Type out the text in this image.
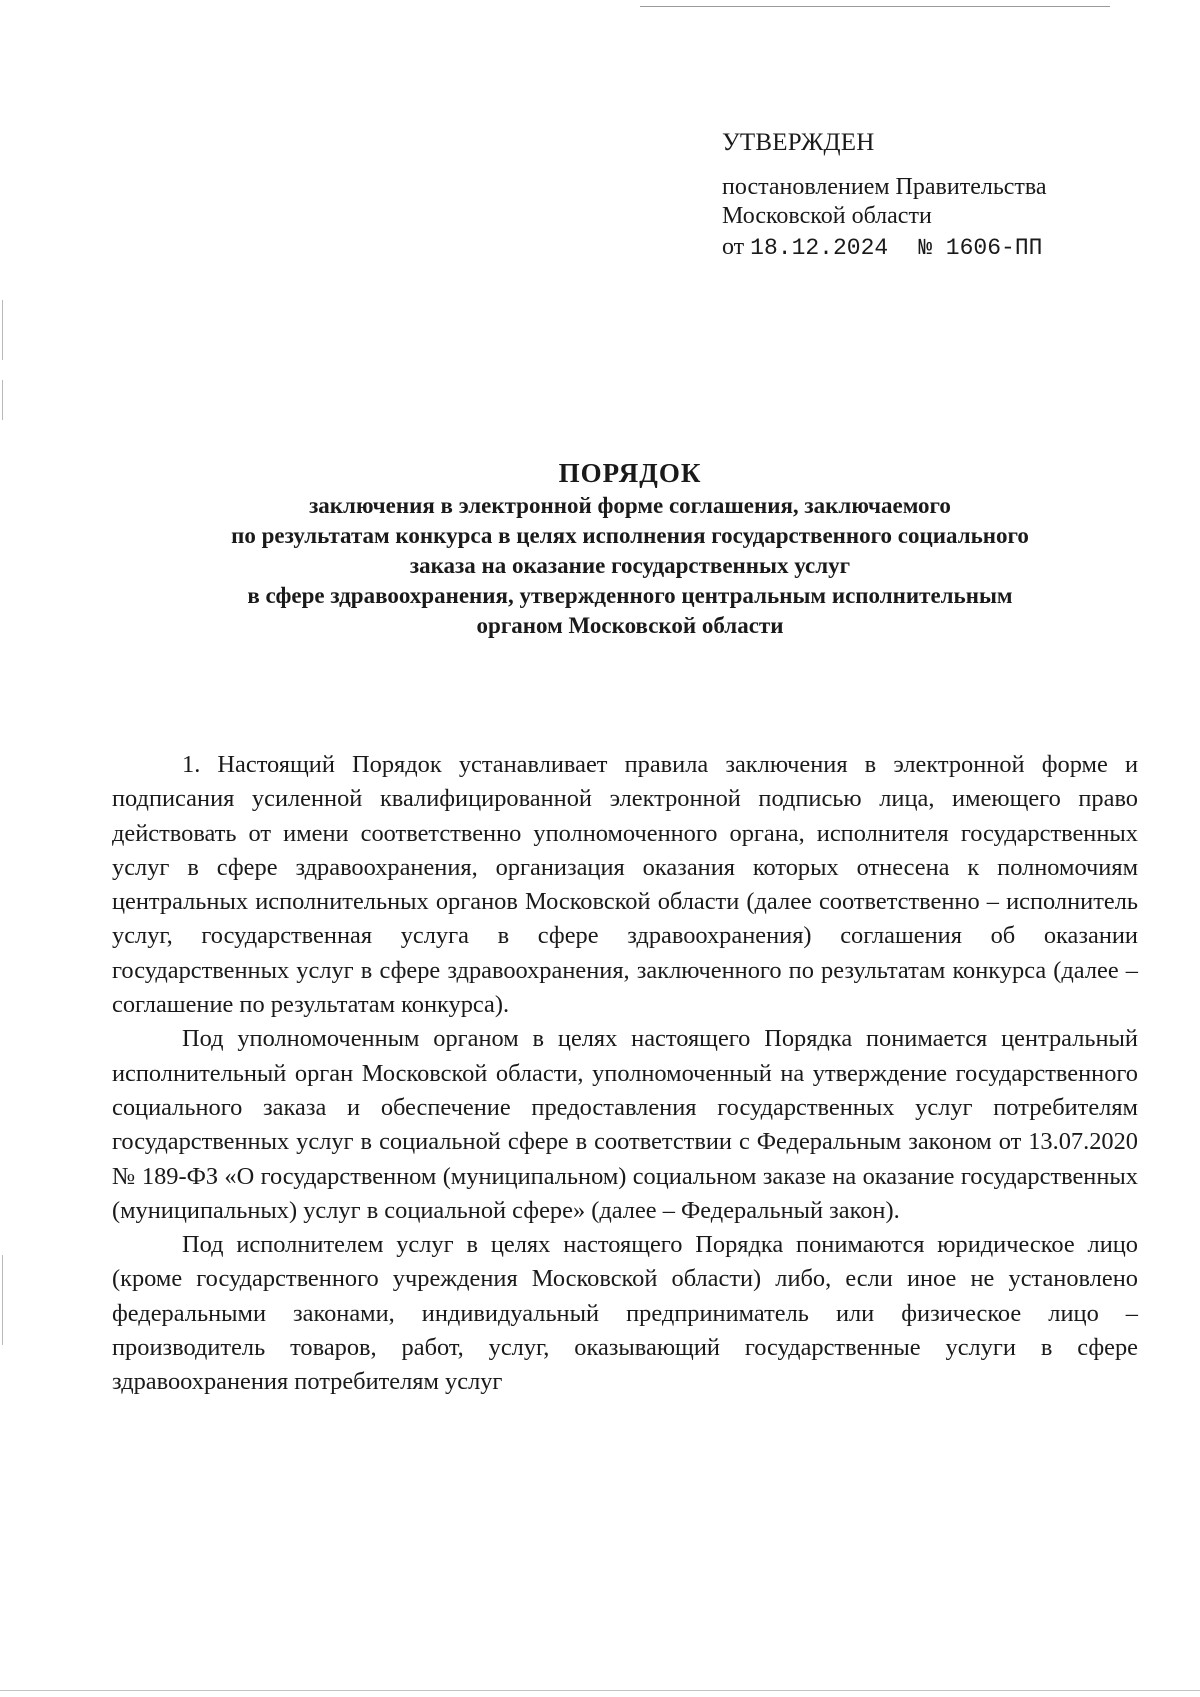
УТВЕРЖДЕН
постановлением Правительства
Московской области
от 18.12.2024 № 1606-ПП
ПОРЯДОК
заключения в электронной форме соглашения, заключаемого
по результатам конкурса в целях исполнения государственного социального
заказа на оказание государственных услуг
в сфере здравоохранения, утвержденного центральным исполнительным
органом Московской области

1. Настоящий Порядок устанавливает правила заключения в электронной форме и подписания усиленной квалифицированной электронной подписью лица, имеющего право действовать от имени соответственно уполномоченного органа, исполнителя государственных услуг в сфере здравоохранения, организация оказания которых отнесена к полномочиям центральных исполнительных органов Московской области (далее соответственно – исполнитель услуг, государственная услуга в сфере здравоохранения) соглашения об оказании государственных услуг в сфере здравоохранения, заключенного по результатам конкурса (далее – соглашение по результатам конкурса).

Под уполномоченным органом в целях настоящего Порядка понимается центральный исполнительный орган Московской области, уполномоченный на утверждение государственного социального заказа и обеспечение предоставления государственных услуг потребителям государственных услуг в социальной сфере в соответствии с Федеральным законом от 13.07.2020 № 189-ФЗ «О государственном (муниципальном) социальном заказе на оказание государственных (муниципальных) услуг в социальной сфере» (далее – Федеральный закон).

Под исполнителем услуг в целях настоящего Порядка понимаются юридическое лицо (кроме государственного учреждения Московской области) либо, если иное не установлено федеральными законами, индивидуальный предприниматель или физическое лицо – производитель товаров, работ, услуг, оказывающий государственные услуги в сфере здравоохранения потребителям услуг
